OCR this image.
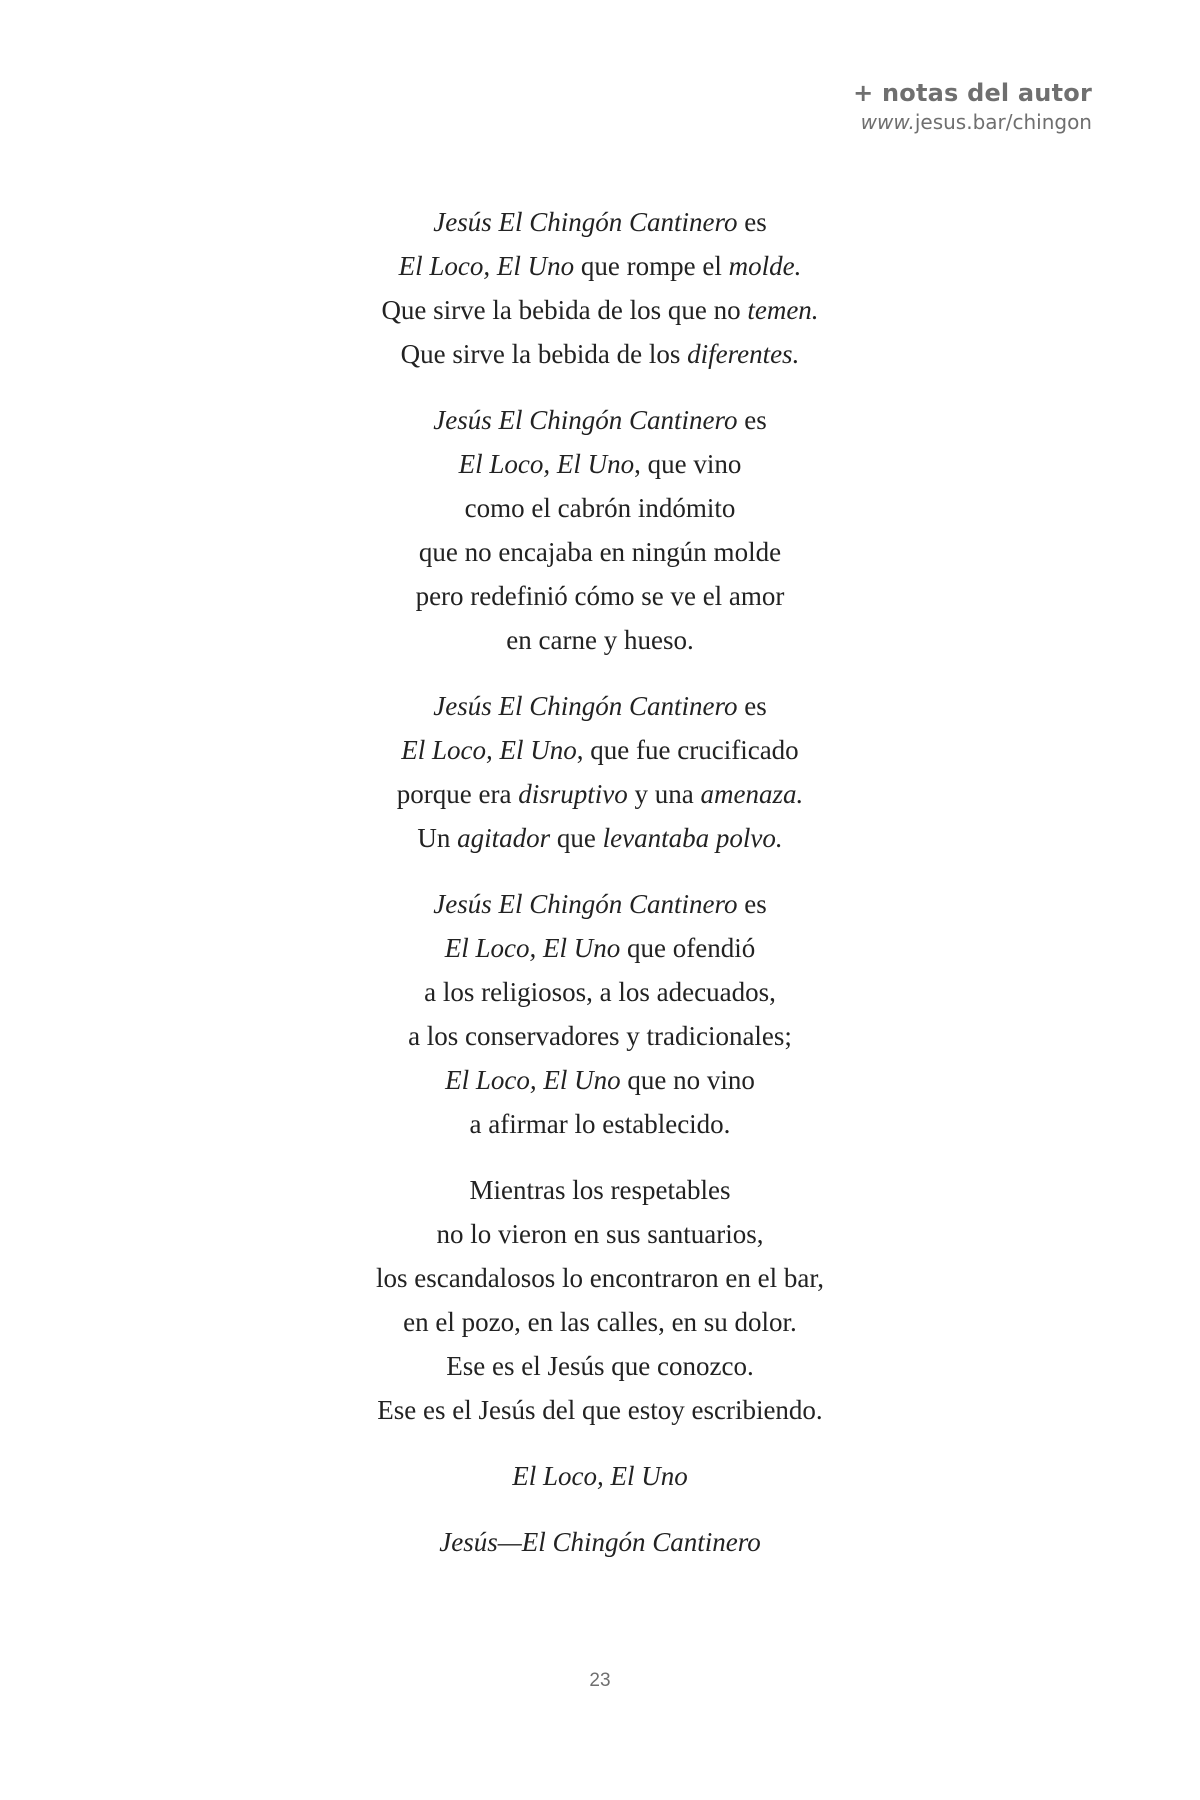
+ notas del autor
www.jesus.bar/chingon
Jesús El Chingón Cantinero es
El Loco, El Uno que rompe el molde.
Que sirve la bebida de los que no temen.
Que sirve la bebida de los diferentes.
Jesús El Chingón Cantinero es
El Loco, El Uno, que vino
como el cabrón indómito
que no encajaba en ningún molde
pero redefinió cómo se ve el amor
en carne y hueso.
Jesús El Chingón Cantinero es
El Loco, El Uno, que fue crucificado
porque era disruptivo y una amenaza.
Un agitador que levantaba polvo.
Jesús El Chingón Cantinero es
El Loco, El Uno que ofendió
a los religiosos, a los adecuados,
a los conservadores y tradicionales;
El Loco, El Uno que no vino
a afirmar lo establecido.
Mientras los respetables
no lo vieron en sus santuarios,
los escandalosos lo encontraron en el bar,
en el pozo, en las calles, en su dolor.
Ese es el Jesús que conozco.
Ese es el Jesús del que estoy escribiendo.
El Loco, El Uno
Jesús—El Chingón Cantinero
23
